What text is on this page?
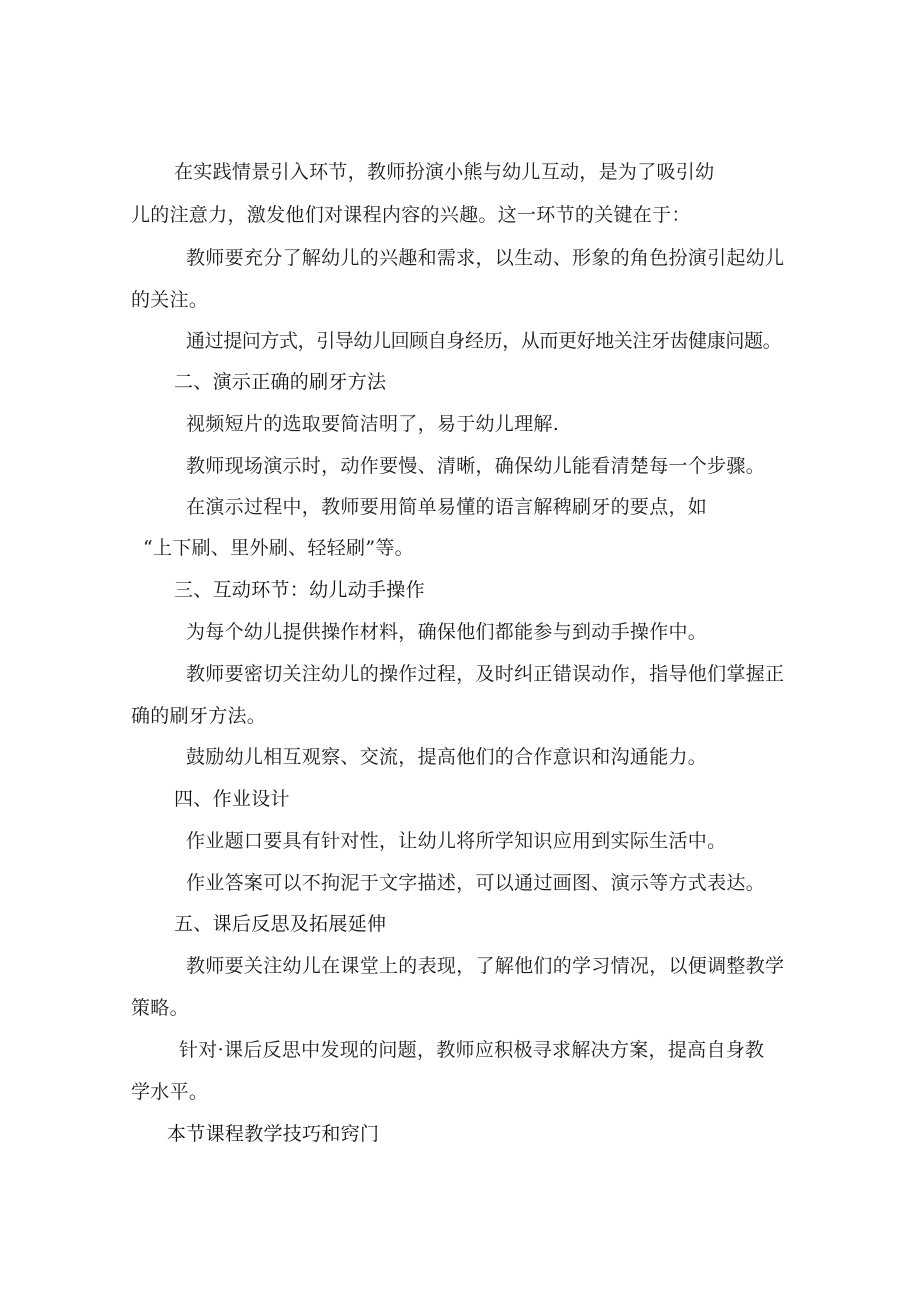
在实践情景引入环节，教师扮演小熊与幼儿互动，是为了吸引幼
儿的注意力，激发他们对课程内容的兴趣。这一环节的关键在于：
教师要充分了解幼儿的兴趣和需求，以生动、形象的角色扮演引起幼儿
的关注。
通过提问方式，引导幼儿回顾自身经历，从而更好地关注牙齿健康问题。
二、演示正确的刷牙方法
视频短片的选取要简洁明了，易于幼儿理解.
教师现场演示时，动作要慢、清晰，确保幼儿能看清楚每一个步骤。
在演示过程中，教师要用简单易懂的语言解稗刷牙的要点，如
“上下刷、里外刷、轻轻刷”等。
三、互动环节：幼儿动手操作
为每个幼儿提供操作材料，确保他们都能参与到动手操作中。
教师要密切关注幼儿的操作过程，及时纠正错误动作，指导他们掌握正
确的刷牙方法。
鼓励幼儿相互观察、交流，提高他们的合作意识和沟通能力。
四、作业设计
作业题口要具有针对性，让幼儿将所学知识应用到实际生活中。
作业答案可以不拘泥于文字描述，可以通过画图、演示等方式表达。
五、课后反思及拓展延伸
教师要关注幼儿在课堂上的表现，了解他们的学习情况，以便调整教学
策略。
针对·课后反思中发现的问题，教师应积极寻求解决方案，提高自身教
学水平。
本节课程教学技巧和窍门
